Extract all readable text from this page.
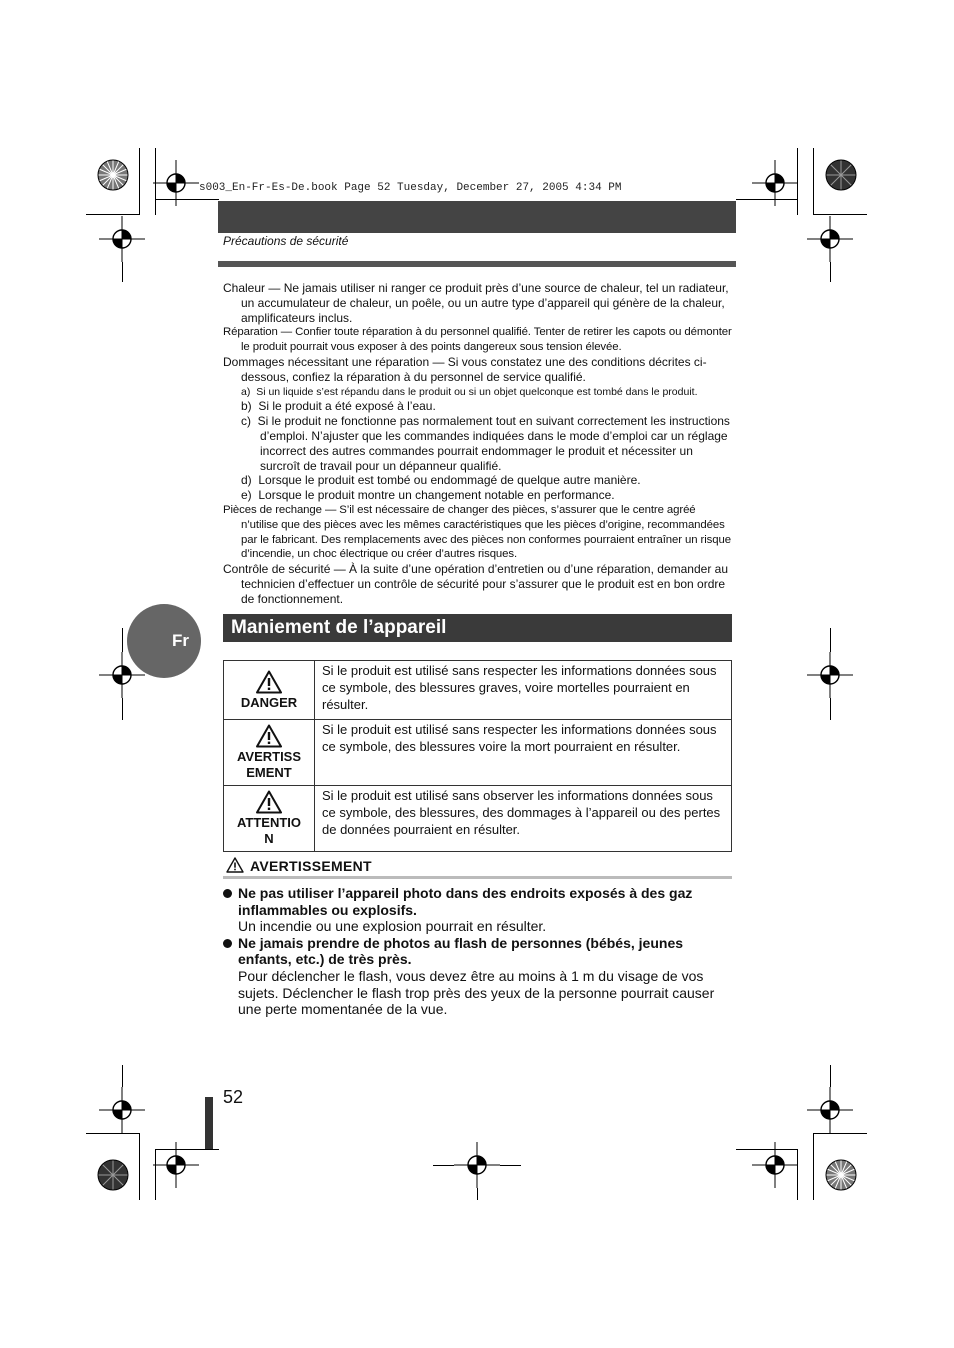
s003_En-Fr-Es-De.book Page 52 Tuesday, December 27, 2005 4:34 PM
Précautions de sécurité

Chaleur — Ne jamais utiliser ni ranger ce produit près d’une source de chaleur, tel un radiateur, un accumulateur de chaleur, un poêle, ou un autre type d’appareil qui génère de la chaleur, amplificateurs inclus.

Réparation — Confier toute réparation à du personnel qualifié. Tenter de retirer les capots ou démonter le produit pourrait vous exposer à des points dangereux sous tension élevée.

Dommages nécessitant une réparation — Si vous constatez une des conditions décrites ci-dessous, confiez la réparation à du personnel de service qualifié.

a) Si un liquide s’est répandu dans le produit ou si un objet quelconque est tombé dans le produit.

b) Si le produit a été exposé à l’eau.

c) Si le produit ne fonctionne pas normalement tout en suivant correctement les instructions d’emploi. N’ajuster que les commandes indiquées dans le mode d’emploi car un réglage incorrect des autres commandes pourrait endommager le produit et nécessiter un surcroît de travail pour un dépanneur qualifié.

d) Lorsque le produit est tombé ou endommagé de quelque autre manière.

e) Lorsque le produit montre un changement notable en performance.

Pièces de rechange — S’il est nécessaire de changer des pièces, s’assurer que le centre agréé n’utilise que des pièces avec les mêmes caractéristiques que les pièces d’origine, recommandées par le fabricant. Des remplacements avec des pièces non conformes pourraient entraîner un risque d’incendie, un choc électrique ou créer d’autres risques.

Contrôle de sécurité — À la suite d’une opération d’entretien ou d’une réparation, demander au technicien d’effectuer un contrôle de sécurité pour s’assurer que le produit est en bon ordre de fonctionnement.

Fr
Maniement de l’appareil
DANGER	Si le produit est utilisé sans respecter les informations données sous ce symbole, des blessures graves, voire mortelles pourraient en résulter.

AVERTISS EMENT	Si le produit est utilisé sans respecter les informations données sous ce symbole, des blessures voire la mort pourraient en résulter.

ATTENTIO N	Si le produit est utilisé sans observer les informations données sous ce symbole, des blessures, des dommages à l’appareil ou des pertes de données pourraient en résulter.
AVERTISSEMENT

Ne pas utiliser l’appareil photo dans des endroits exposés à des gaz inflammables ou explosifs.
Un incendie ou une explosion pourrait en résulter.

Ne jamais prendre de photos au flash de personnes (bébés, jeunes enfants, etc.) de très près.
Pour déclencher le flash, vous devez être au moins à 1 m du visage de vos sujets. Déclencher le flash trop près des yeux de la personne pourrait causer une perte momentanée de la vue.

52
